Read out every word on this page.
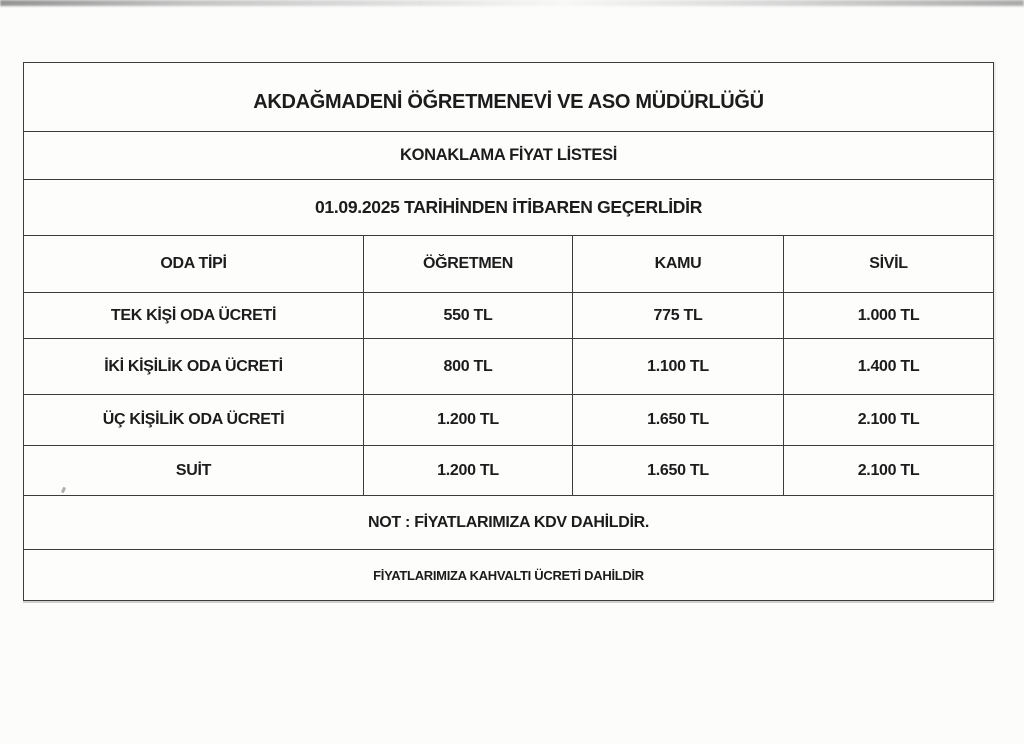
AKDAĞMADENİ ÖĞRETMENEVİ VE ASO MÜDÜRLÜĞÜ			
KONAKLAMA FİYAT LİSTESİ			
01.09.2025 TARİHİNDEN İTİBAREN GEÇERLİDİR			
ODA TİPİ	ÖĞRETMEN	KAMU	SİVİL
TEK KİŞİ ODA ÜCRETİ	550 TL	775 TL	1.000 TL
İKİ KİŞİLİK ODA ÜCRETİ	800 TL	1.100 TL	1.400 TL
ÜÇ KİŞİLİK ODA ÜCRETİ	1.200 TL	1.650 TL	2.100 TL
SUİT	1.200 TL	1.650 TL	2.100 TL
NOT : FİYATLARIMIZA KDV DAHİLDİR.			
FİYATLARIMIZA KAHVALTI ÜCRETİ DAHİLDİR			
